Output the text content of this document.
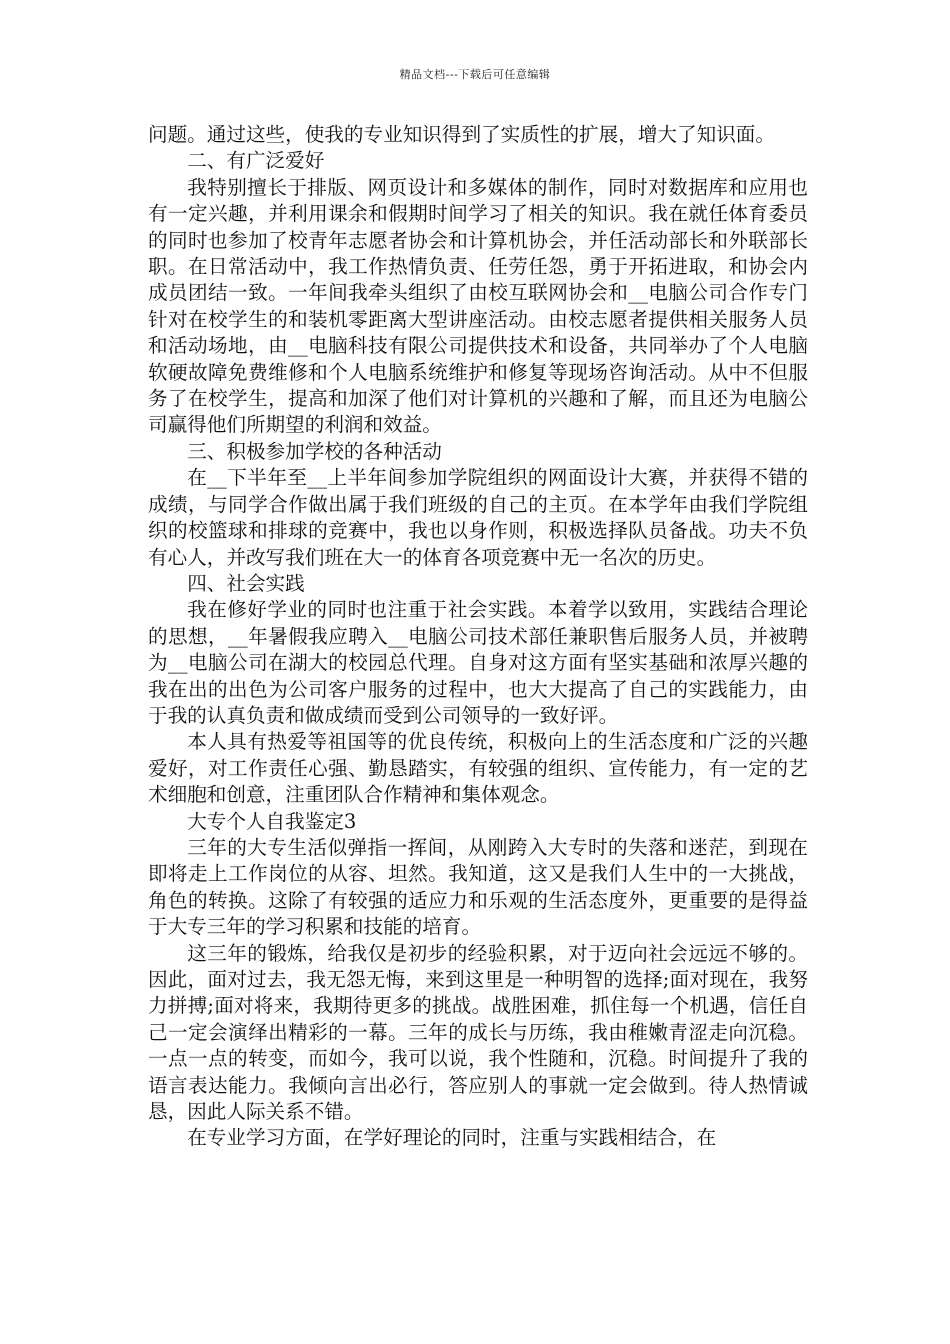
精品文档---下载后可任意编辑

问题。通过这些，使我的专业知识得到了实质性的扩展，增大了知识面。

二、有广泛爱好

我特别擅长于排版、网页设计和多媒体的制作，同时对数据库和应用也有一定兴趣，并利用课余和假期时间学习了相关的知识。我在就任体育委员的同时也参加了校青年志愿者协会和计算机协会，并任活动部长和外联部长职。在日常活动中，我工作热情负责、任劳任怨，勇于开拓进取，和协会内成员团结一致。一年间我牵头组织了由校互联网协会和__电脑公司合作专门针对在校学生的和装机零距离大型讲座活动。由校志愿者提供相关服务人员和活动场地，由__电脑科技有限公司提供技术和设备，共同举办了个人电脑软硬故障免费维修和个人电脑系统维护和修复等现场咨询活动。从中不但服务了在校学生，提高和加深了他们对计算机的兴趣和了解，而且还为电脑公司赢得他们所期望的利润和效益。

三、积极参加学校的各种活动

在__下半年至__上半年间参加学院组织的网面设计大赛，并获得不错的成绩，与同学合作做出属于我们班级的自己的主页。在本学年由我们学院组织的校篮球和排球的竞赛中，我也以身作则，积极选择队员备战。功夫不负有心人，并改写我们班在大一的体育各项竞赛中无一名次的历史。

四、社会实践

我在修好学业的同时也注重于社会实践。本着学以致用，实践结合理论的思想，__年暑假我应聘入__电脑公司技术部任兼职售后服务人员，并被聘为__电脑公司在湖大的校园总代理。自身对这方面有坚实基础和浓厚兴趣的我在出的出色为公司客户服务的过程中，也大大提高了自己的实践能力，由于我的认真负责和做成绩而受到公司领导的一致好评。

本人具有热爱等祖国等的优良传统，积极向上的生活态度和广泛的兴趣爱好，对工作责任心强、勤恳踏实，有较强的组织、宣传能力，有一定的艺术细胞和创意，注重团队合作精神和集体观念。

大专个人自我鉴定3

三年的大专生活似弹指一挥间，从刚跨入大专时的失落和迷茫，到现在即将走上工作岗位的从容、坦然。我知道，这又是我们人生中的一大挑战，角色的转换。这除了有较强的适应力和乐观的生活态度外，更重要的是得益于大专三年的学习积累和技能的培育。

这三年的锻炼，给我仅是初步的经验积累，对于迈向社会远远不够的。因此，面对过去，我无怨无悔，来到这里是一种明智的选择;面对现在，我努力拼搏;面对将来，我期待更多的挑战。战胜困难，抓住每一个机遇，信任自己一定会演绎出精彩的一幕。三年的成长与历练，我由稚嫩青涩走向沉稳。一点一点的转变，而如今，我可以说，我个性随和，沉稳。时间提升了我的语言表达能力。我倾向言出必行，答应别人的事就一定会做到。待人热情诚恳，因此人际关系不错。

在专业学习方面，在学好理论的同时，注重与实践相结合，在
